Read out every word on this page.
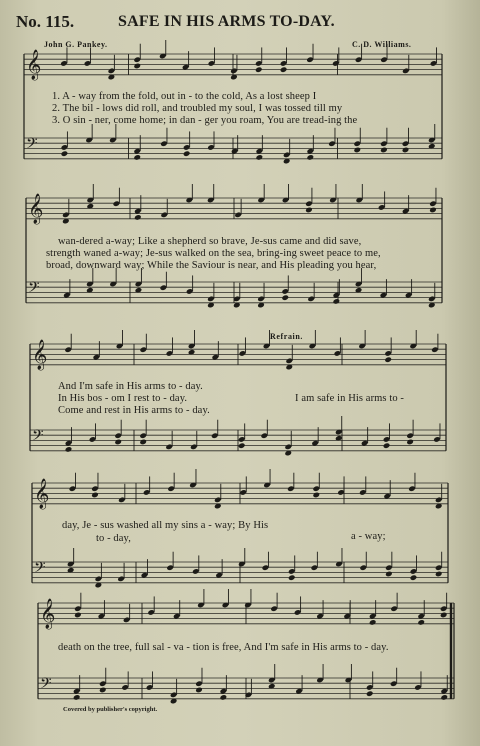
No. 115.	SAFE IN HIS ARMS TO-DAY.
John G. Pankey.	C. D. Williams.
𝄞
𝄢
𝄞
𝄢
𝄞
𝄢
𝄞
𝄢
𝄞
𝄢
1. A - way from the fold, out in - to the cold, As a lost sheep I
2. The bil - lows did roll, and troubled my soul, I was tossed till my
3. O sin - ner, come home; in dan - ger you roam, You are tread-ing the
wan-dered a-way; Like a shepherd so brave, Je-sus came and did save,
strength waned a-way; Je-sus walked on the sea, bring-ing sweet peace to me,
broad, downward way; While the Saviour is near, and His pleading you hear,
Refrain.
And I'm safe in His arms to - day.
In His bos - om I rest to - day.
Come and rest in His arms to - day.
I am safe in His arms to -
day, Je - sus washed all my sins a - way; By His
to - day,	a - way;
death on the tree, full sal - va - tion is free, And I'm safe in His arms to - day.
Covered by publisher's copyright.
